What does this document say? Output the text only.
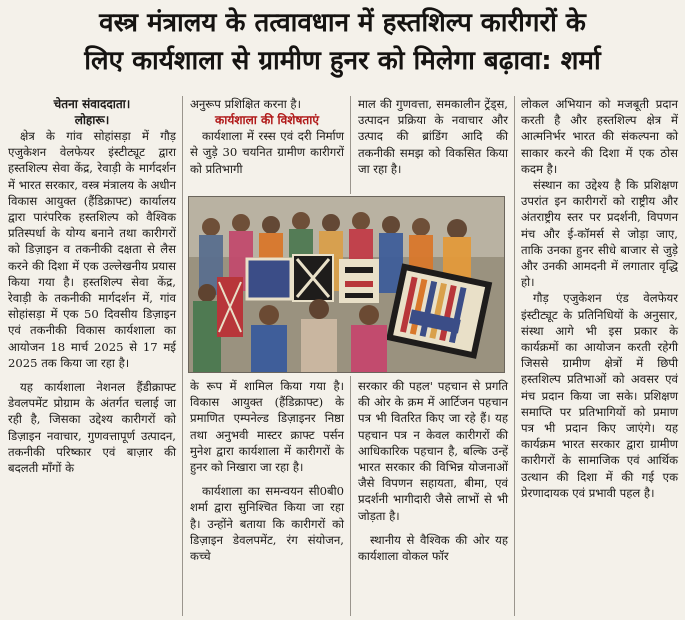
वस्त्र मंत्रालय के तत्वावधान में हस्तशिल्प कारीगरों के
लिए कार्यशाला से ग्रामीण हुनर को मिलेगा बढ़ावा: शर्मा
चेतना संवाददाता।
लोहारू।

क्षेत्र के गांव सोहांसड़ा में गौड़ एजुकेशन वेलफेयर इंस्टीट्यूट द्वारा हस्तशिल्प सेवा केंद्र, रेवाड़ी के मार्गदर्शन में भारत सरकार, वस्त्र मंत्रालय के अधीन विकास आयुक्त (हैंडिक्राफ्ट) कार्यालय द्वारा पारंपरिक हस्तशिल्प को वैश्विक प्रतिस्पर्धा के योग्य बनाने तथा कारीगरों को डिज़ाइन व तकनीकी दक्षता से लैस करने की दिशा में एक उल्लेखनीय प्रयास किया गया है। हस्तशिल्प सेवा केंद्र, रेवाड़ी के तकनीकी मार्गदर्शन में, गांव सोहांसड़ा में एक 50 दिवसीय डिज़ाइन एवं तकनीकी विकास कार्यशाला का आयोजन 18 मार्च 2025 से 17 मई 2025 तक किया जा रहा है।

यह कार्यशाला नेशनल हैंडीक्राफ्ट डेवलपमेंट प्रोग्राम के अंतर्गत चलाई जा रही है, जिसका उद्देश्य कारीगरों को डिज़ाइन नवाचार, गुणवत्तापूर्ण उत्पादन, तकनीकी परिष्कार एवं बाज़ार की बदलती माँगों के

अनुरूप प्रशिक्षित करना है।

कार्यशाला की विशेषताएं

कार्यशाला में रस्स एवं दरी निर्माण से जुड़े 30 चयनित ग्रामीण कारीगरों को प्रतिभागी

माल की गुणवत्ता, समकालीन ट्रेंड्स, उत्पादन प्रक्रिया के नवाचार और उत्पाद की ब्रांडिंग आदि की तकनीकी समझ को विकसित किया जा रहा है।

के रूप में शामिल किया गया है। विकास आयुक्त (हैंडिक्राफ्ट) के प्रमाणित एम्पनेल्ड डिज़ाइनर निष्ठा तथा अनुभवी मास्टर क्राफ्ट पर्सन मुनेश द्वारा कार्यशाला में कारीगरों के हुनर को निखारा जा रहा है।

कार्यशाला का समन्वयन सी0बी0 शर्मा द्वारा सुनिश्चित किया जा रहा है। उन्होंने बताया कि कारीगरों को डिज़ाइन डेवलपमेंट, रंग संयोजन, कच्चे

सरकार की पहल' पहचान से प्रगति की ओर के क्रम में आर्टिजन पहचान पत्र भी वितरित किए जा रहे हैं। यह पहचान पत्र न केवल कारीगरों की आधिकारिक पहचान है, बल्कि उन्हें भारत सरकार की विभिन्न योजनाओं जैसे विपणन सहायता, बीमा, एवं प्रदर्शनी भागीदारी जैसे लाभों से भी जोड़ता है।

स्थानीय से वैश्विक की ओर यह कार्यशाला वोकल फॉर

लोकल अभियान को मजबूती प्रदान करती है और हस्तशिल्प क्षेत्र में आत्मनिर्भर भारत की संकल्पना को साकार करने की दिशा में एक ठोस कदम है।

संस्थान का उद्देश्य है कि प्रशिक्षण उपरांत इन कारीगरों को राष्ट्रीय और अंतराष्ट्रीय स्तर पर प्रदर्शनी, विपणन मंच और ई-कॉमर्स से जोड़ा जाए, ताकि उनका हुनर सीधे बाजार से जुड़े और उनकी आमदनी में लगातार वृद्धि हो।

गौड़ एजुकेशन एंड वेलफेयर इंस्टीट्यूट के प्रतिनिधियों के अनुसार, संस्था आगे भी इस प्रकार के कार्यक्रमों का आयोजन करती रहेगी जिससे ग्रामीण क्षेत्रों में छिपी हस्तशिल्प प्रतिभाओं को अवसर एवं मंच प्रदान किया जा सके। प्रशिक्षण समाप्ति पर प्रतिभागियों को प्रमाण पत्र भी प्रदान किए जाएंगे। यह कार्यक्रम भारत सरकार द्वारा ग्रामीण कारीगरों के सामाजिक एवं आर्थिक उत्थान की दिशा में की गई एक प्रेरणादायक एवं प्रभावी पहल है।
